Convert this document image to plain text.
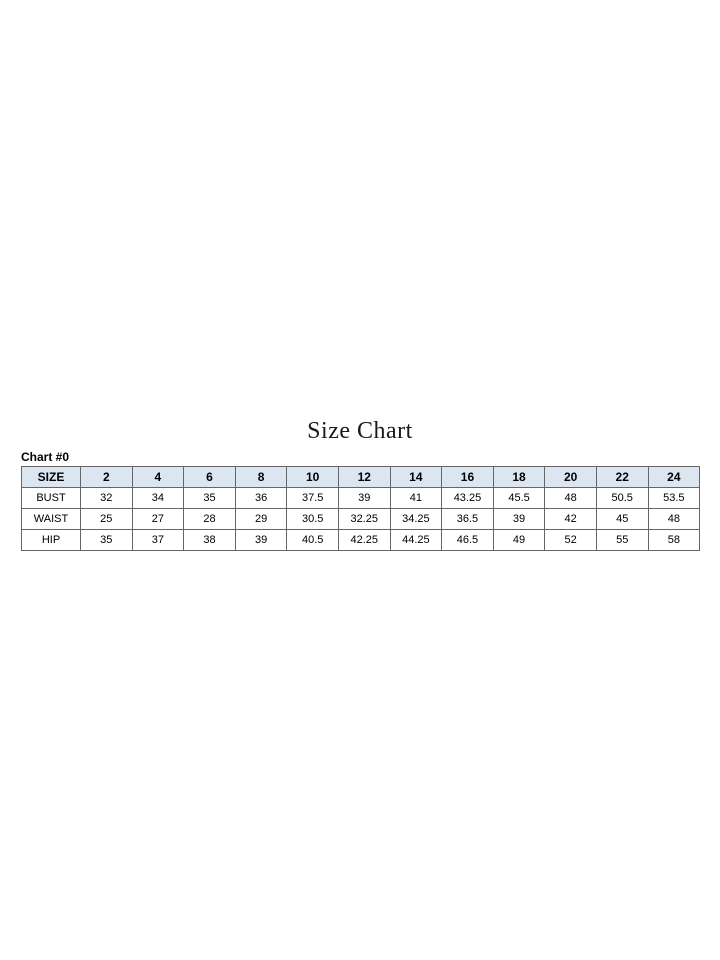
Size Chart
Chart #0
SIZE	2	4	6	8	10	12	14	16	18	20	22	24
BUST	32	34	35	36	37.5	39	41	43.25	45.5	48	50.5	53.5
WAIST	25	27	28	29	30.5	32.25	34.25	36.5	39	42	45	48
HIP	35	37	38	39	40.5	42.25	44.25	46.5	49	52	55	58
